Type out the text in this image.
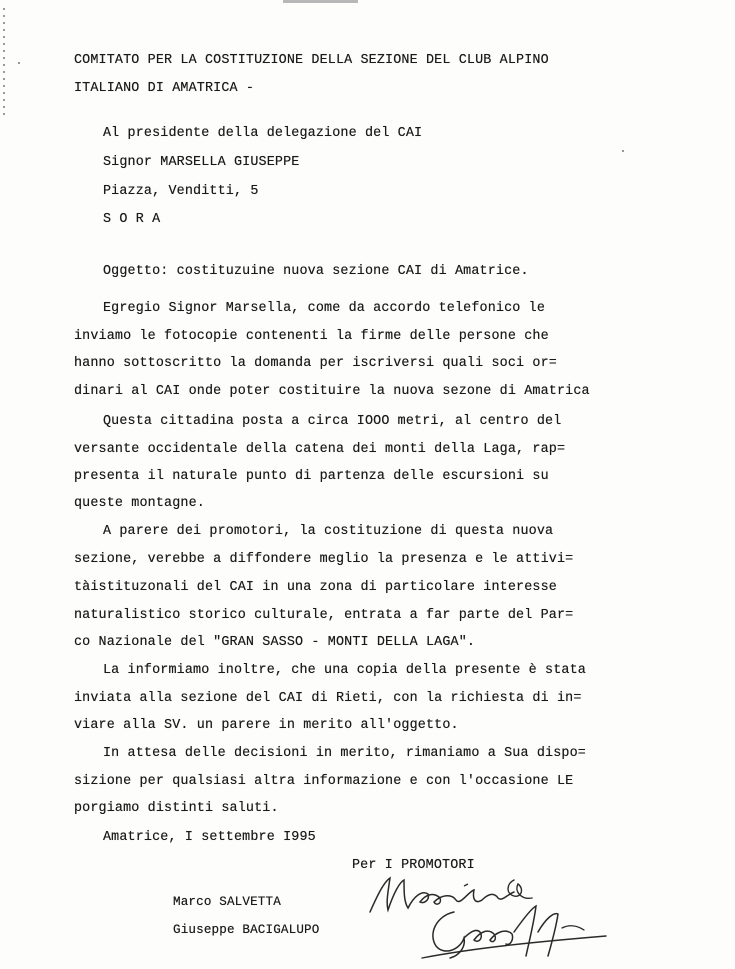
COMITATO PER LA COSTITUZIONE DELLA SEZIONE DEL CLUB ALPINO
ITALIANO DI AMATRICA -
Al presidente della delegazione del CAI
Signor MARSELLA GIUSEPPE
Piazza, Venditti, 5
S O R A
Oggetto: costituzuine nuova sezione CAI di Amatrice.
Egregio Signor Marsella, come da accordo telefonico le
inviamo le fotocopie contenenti la firme delle persone che
hanno sottoscritto la domanda per iscriversi quali soci or=
dinari al CAI onde poter costituire la nuova sezone di Amatrica
Questa cittadina posta a circa IOOO metri, al centro del
versante occidentale della catena dei monti della Laga, rap=
presenta il naturale punto di partenza delle escursioni su
queste montagne.
A parere dei promotori, la costituzione di questa nuova
sezione, verebbe a diffondere meglio la presenza e le attivi=
tàistituzonali del CAI in una zona di particolare interesse
naturalistico storico culturale, entrata a far parte del Par=
co Nazionale del "GRAN SASSO - MONTI DELLA LAGA".
La informiamo inoltre, che una copia della presente è stata
inviata alla sezione del CAI di Rieti, con la richiesta di in=
viare alla SV. un parere in merito all'oggetto.
In attesa delle decisioni in merito, rimaniamo a Sua dispo=
sizione per qualsiasi altra informazione e con l'occasione LE
porgiamo distinti saluti.
Amatrice, I settembre I995
Per I PROMOTORI
Marco SALVETTA
Giuseppe BACIGALUPO
